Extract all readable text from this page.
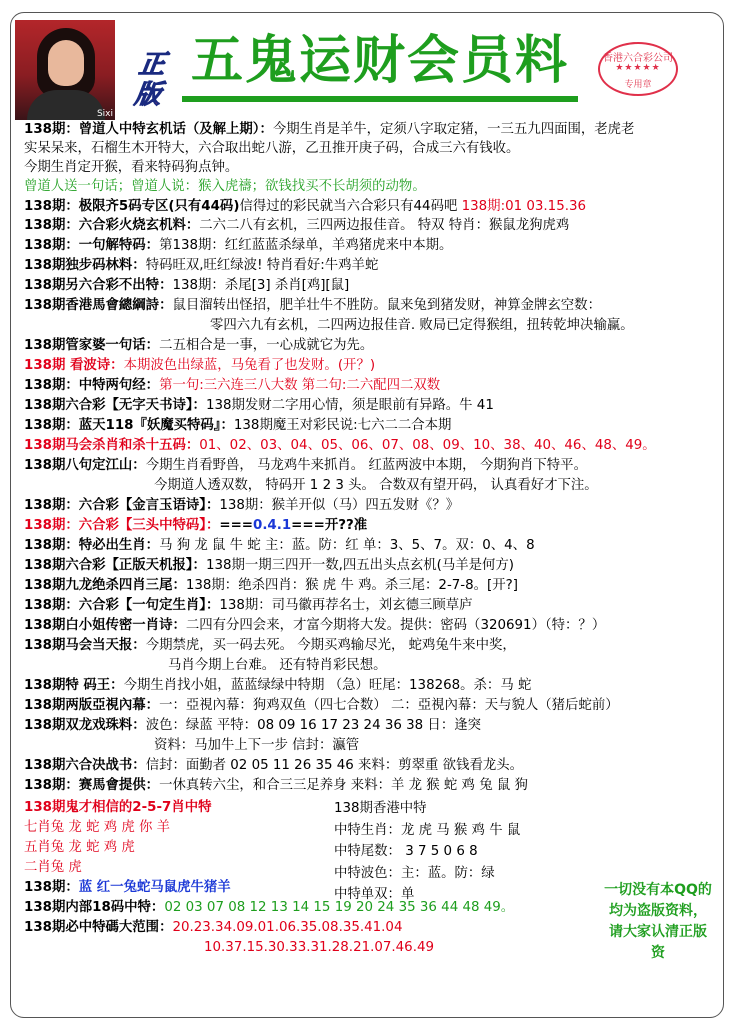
Sixi
正版
五鬼运财会员料	香港六合彩公司
★★★★★
专用章
138期：曾道人中特玄机话（及解上期）：今期生肖是羊牛，定须八字取定猪，一三五九四面围，老虎老
实呆呆来，石榴生木开特大，六合取出蛇八游，乙丑推开庚子码，合成三六有钱收。
今期生肖定开猴，看来特码狗点钟。
曾道人送一句话；曾道人说：猴入虎禱；欲钱找买不长胡须的动物。
138期：极限齐5码专区(只有44码)信得过的彩民就当六合彩只有44码吧 138期:01 03.15.36
138期：六合彩火烧玄机料：二六二八有玄机，三四两边报佳音。 特双 特肖：猴鼠龙狗虎鸡
138期：一句解特码：第138期：红红蓝蓝杀绿单，羊鸡猪虎来中本期。
138期独步码林料：特码旺双,旺红绿波! 特肖看好:牛鸡羊蛇
138期另六合彩不出特：138期：杀尾[3] 杀肖[鸡][鼠]
138期香港馬會總綱詩：鼠目溜转出怪招，肥羊壮牛不胜防。鼠来兔到猪发财，神算金牌玄空数：
零四六九有玄机，二四两边报佳音. 败局已定得猴组，扭转乾坤决输赢。
138期管家婆一句话：二五相合是一事，一心成就它为先。
138期 看波诗：本期波色出绿蓝，马兔看了也发财。(开？)
138期：中特两句经：第一句:三六连三八大数 第二句:二六配四二双数
138期六合彩【无字天书诗】：138期发财二字用心情，须是眼前有异路。牛 41
138期：蓝天118『妖魔买特码』：138期魔王对彩民说:七六二二合本期
138期马会杀肖和杀十五码：01、02、03、04、05、06、07、08、09、10、38、40、46、48、49。
138期八句定江山：今期生肖看野兽， 马龙鸡牛来抓肖。 红蓝两波中本期， 今期狗肖下特平。
今期道人透双数， 特码开 1 2 3 头。 合数双有望开码， 认真看好才下注。
138期：六合彩【金言玉语诗】：138期：猴羊开似（马）四五发财《？》
138期：六合彩【三头中特码】：===0.4.1===开??准
138期：特必出生肖：马 狗 龙 鼠 牛 蛇 主：蓝。防：红 单：3、5、7。双：0、4、8
138期六合彩【正版天机报】：138期一期三四开一数,四五出头点玄机(马羊是何方)
138期九龙绝杀四肖三尾：138期：绝杀四肖：猴 虎 牛 鸡。杀三尾：2-7-8。[开?]
138期：六合彩【一句定生肖】：138期：司马徽再荐名士，刘玄德三顾草庐
138期白小姐传密一肖诗：二四有分四会来，才富今期将大发。提供：密码（320691）（特：？）
138期马会当天报：今期禁虎，买一码去死。 今期买鸡输尽光， 蛇鸡兔牛来中奖，
马肖今期上台难。 还有特肖彩民想。
138期特 码王：今期生肖找小姐，蓝蓝绿绿中特期 （急）旺尾：138268。杀：马 蛇
138期两版亞視內幕：一：亞視內幕：狗鸡双鱼（四七合数） 二：亞視內幕：天与貌人（猪后蛇前）
138期双龙戏珠料：波色：绿蓝 平特：08 09 16 17 23 24 36 38 日：逢突
资料：马加牛上下一步 信封：瀛管
138期六合决战书：信封：面勤者 02 05 11 26 35 46 来料：剪翠重 欲钱看龙头。
138期：赛馬會提供：一休真转六尘，和合三三足养身 来料：羊 龙 猴 蛇 鸡 兔 鼠 狗
138期鬼才相信的2-5-7肖中特
七肖兔 龙 蛇 鸡 虎 你 羊
五肖兔 龙 蛇 鸡 虎
二肖兔 虎
138期：蓝 红一兔蛇马鼠虎牛猪羊
138期内部18码中特：02 03 07 08 12 13 14 15 19 20 24 35 36 44 48 49。
138期必中特碼大范围：20.23.34.09.01.06.35.08.35.41.04
10.37.15.30.33.31.28.21.07.46.49
138期香港中特
中特生肖：龙 虎 马 猴 鸡 牛 鼠
中特尾数： 3 7 5 0 6 8
中特波色：主：蓝。防：绿
中特单双：单	一切没有本QQ的均为盗版资料，请大家认清正版资
